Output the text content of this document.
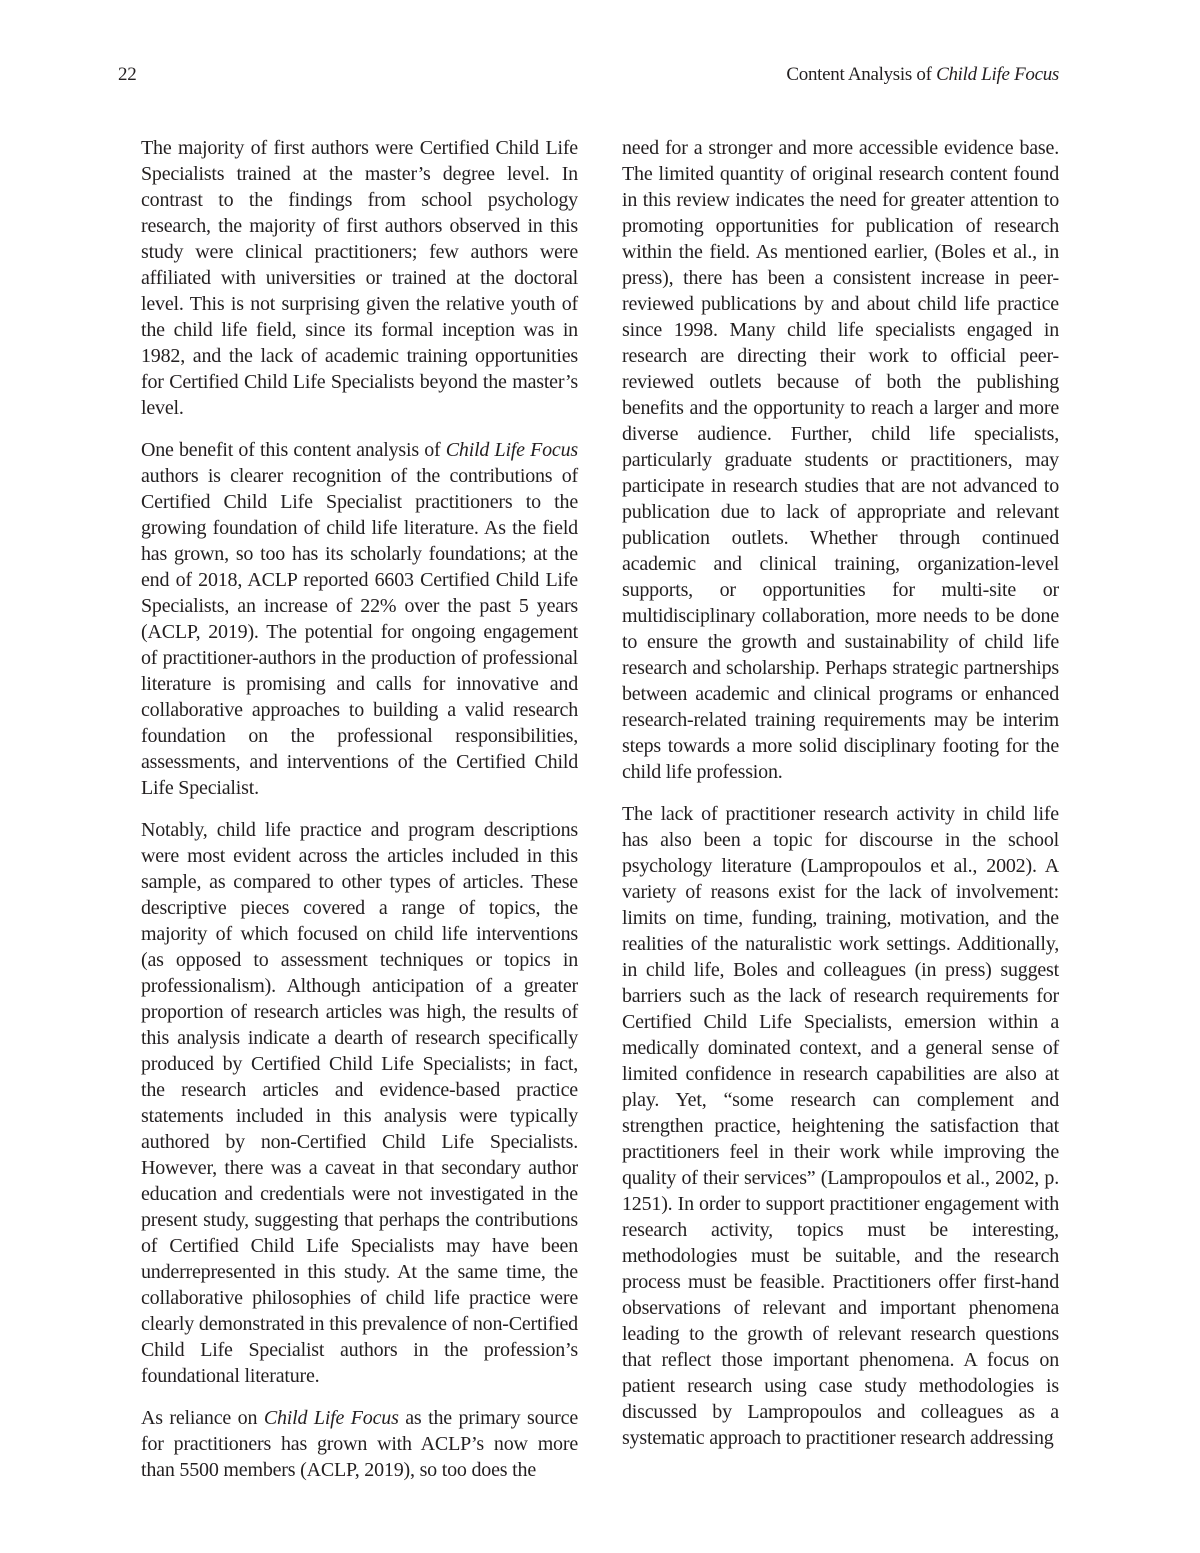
22	Content Analysis of Child Life Focus

The majority of first authors were Certified Child Life Specialists trained at the master’s degree level. In contrast to the findings from school psychology research, the majority of first authors observed in this study were clinical practitioners; few authors were affiliated with universities or trained at the doctoral level. This is not surprising given the relative youth of the child life field, since its formal inception was in 1982, and the lack of academic training opportunities for Certified Child Life Specialists beyond the master’s level.

One benefit of this content analysis of Child Life Focus authors is clearer recognition of the contributions of Certified Child Life Specialist practitioners to the growing foundation of child life literature. As the field has grown, so too has its scholarly foundations; at the end of 2018, ACLP reported 6603 Certified Child Life Specialists, an increase of 22% over the past 5 years (ACLP, 2019). The potential for ongoing engagement of practitioner-authors in the production of professional literature is promising and calls for innovative and collaborative approaches to building a valid research foundation on the professional responsibilities, assessments, and interventions of the Certified Child Life Specialist.

Notably, child life practice and program descriptions were most evident across the articles included in this sample, as compared to other types of articles. These descriptive pieces covered a range of topics, the majority of which focused on child life interventions (as opposed to assessment techniques or topics in professionalism). Although anticipation of a greater proportion of research articles was high, the results of this analysis indicate a dearth of research specifically produced by Certified Child Life Specialists; in fact, the research articles and evidence-based practice statements included in this analysis were typically authored by non-Certified Child Life Specialists. However, there was a caveat in that secondary author education and credentials were not investigated in the present study, suggesting that perhaps the contributions of Certified Child Life Specialists may have been underrepresented in this study. At the same time, the collaborative philosophies of child life practice were clearly demonstrated in this prevalence of non-Certified Child Life Specialist authors in the profession’s foundational literature.

As reliance on Child Life Focus as the primary source for practitioners has grown with ACLP’s now more than 5500 members (ACLP, 2019), so too does the

need for a stronger and more accessible evidence base. The limited quantity of original research content found in this review indicates the need for greater attention to promoting opportunities for publication of research within the field. As mentioned earlier, (Boles et al., in press), there has been a consistent increase in peer-reviewed publications by and about child life practice since 1998. Many child life specialists engaged in research are directing their work to official peer-reviewed outlets because of both the publishing benefits and the opportunity to reach a larger and more diverse audience. Further, child life specialists, particularly graduate students or practitioners, may participate in research studies that are not advanced to publication due to lack of appropriate and relevant publication outlets. Whether through continued academic and clinical training, organization-level supports, or opportunities for multi-site or multidisciplinary collaboration, more needs to be done to ensure the growth and sustainability of child life research and scholarship. Perhaps strategic partnerships between academic and clinical programs or enhanced research-related training requirements may be interim steps towards a more solid disciplinary footing for the child life profession.

The lack of practitioner research activity in child life has also been a topic for discourse in the school psychology literature (Lampropoulos et al., 2002). A variety of reasons exist for the lack of involvement: limits on time, funding, training, motivation, and the realities of the naturalistic work settings. Additionally, in child life, Boles and colleagues (in press) suggest barriers such as the lack of research requirements for Certified Child Life Specialists, emersion within a medically dominated context, and a general sense of limited confidence in research capabilities are also at play. Yet, “some research can complement and strengthen practice, heightening the satisfaction that practitioners feel in their work while improving the quality of their services” (Lampropoulos et al., 2002, p. 1251). In order to support practitioner engagement with research activity, topics must be interesting, methodologies must be suitable, and the research process must be feasible. Practitioners offer first-hand observations of relevant and important phenomena leading to the growth of relevant research questions that reflect those important phenomena. A focus on patient research using case study methodologies is discussed by Lampropoulos and colleagues as a systematic approach to practitioner research addressing
